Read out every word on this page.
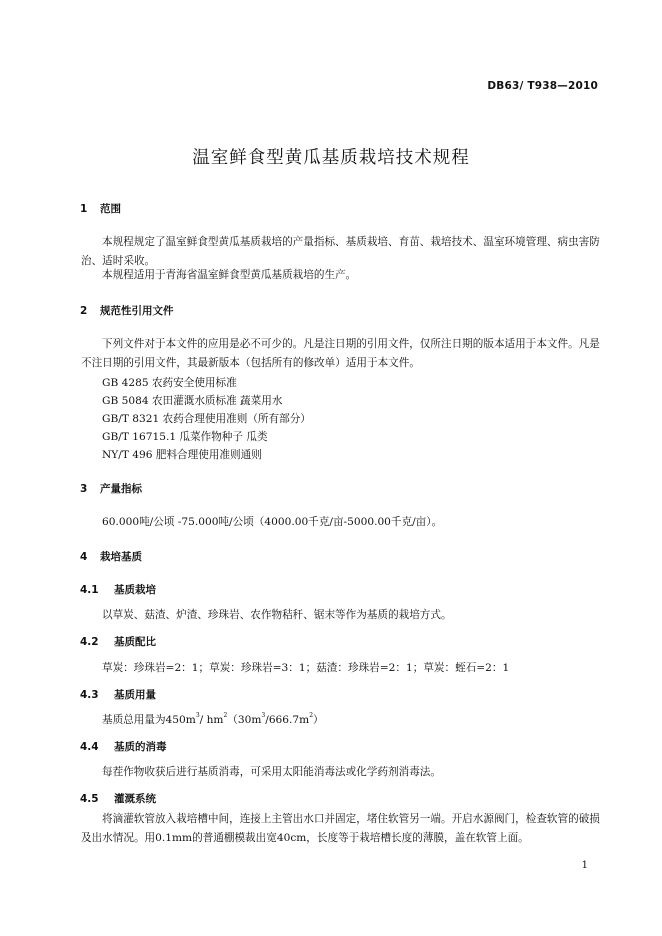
DB63/ T938—2010
温室鲜食型黄瓜基质栽培技术规程
1 范围
本规程规定了温室鲜食型黄瓜基质栽培的产量指标、基质栽培、育苗、栽培技术、温室环境管理、病虫害防治、适时采收。
本规程适用于青海省温室鲜食型黄瓜基质栽培的生产。
2 规范性引用文件
下列文件对于本文件的应用是必不可少的。凡是注日期的引用文件，仅所注日期的版本适用于本文件。凡是不注日期的引用文件，其最新版本（包括所有的修改单）适用于本文件。
GB 4285 农药安全使用标准
GB 5084 农田灌溉水质标准 蔬菜用水
GB/T 8321 农药合理使用准则（所有部分）
GB/T 16715.1 瓜菜作物种子 瓜类
NY/T 496 肥料合理使用准则通则
3 产量指标
60.000吨/公顷 -75.000吨/公顷（4000.00千克/亩-5000.00千克/亩）。
4 栽培基质
4.1 基质栽培
以草炭、菇渣、炉渣、珍珠岩、农作物秸秆、锯末等作为基质的栽培方式。
4.2 基质配比
草炭：珍珠岩=2：1；草炭：珍珠岩=3：1；菇渣：珍珠岩=2：1；草炭：蛭石=2：1
4.3 基质用量
基质总用量为$450m^3/$ $hm^2(30m^3/666.7m^2)$
4.4 基质的消毒
每茬作物收获后进行基质消毒，可采用太阳能消毒法或化学药剂消毒法。
4.5 灌溉系统
将滴灌软管放入栽培槽中间，连接上主管出水口并固定，堵住软管另一端。开启水源阀门，检查软管的破损及出水情况。用0.1mm的普通棚模裁出宽40cm，长度等于栽培槽长度的薄膜，盖在软管上面。
1
